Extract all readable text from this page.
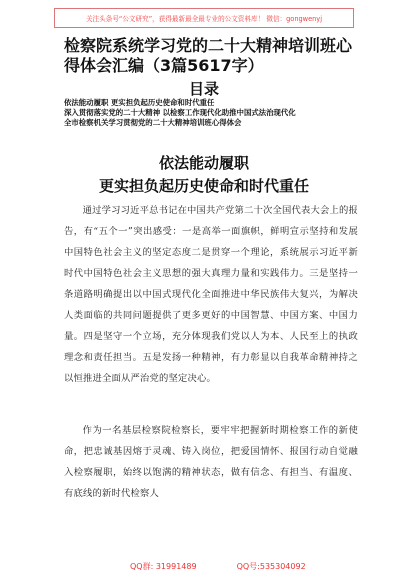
关注头条号“公文研究”，获得最新最全最专业的公文资料库！ 微信：gongwenyj
检察院系统学习党的二十大精神培训班心得体会汇编（3篇5617字）
目录
依法能动履职 更实担负起历史使命和时代重任
深入贯彻落实党的二十大精神 以检察工作现代化助推中国式法治现代化
全市检察机关学习贯彻党的二十大精神培训班心得体会
依法能动履职
更实担负起历史使命和时代重任

通过学习习近平总书记在中国共产党第二十次全国代表大会上的报告，有“五个一”突出感受：一是高举一面旗帜，鲜明宣示坚持和发展中国特色社会主义的坚定态度二是贯穿一个理论，系统展示习近平新时代中国特色社会主义思想的强大真理力量和实践伟力。三是坚持一条道路明确提出以中国式现代化全面推进中华民族伟大复兴，为解决人类面临的共同问题提供了更多更好的中国智慧、中国方案、中国力量。四是坚守一个立场，充分体现我们党以人为本、人民至上的执政理念和责任担当。五是发扬一种精神，有力彰显以自我革命精神持之以恒推进全面从严治党的坚定决心。

作为一名基层检察院检察长，要牢牢把握新时期检察工作的新使命，把忠诚基因熔于灵魂、铸入岗位，把爱国情怀、报国行动自觉融入检察履职，始终以饱满的精神状态，做有信念、有担当、有温度、有底线的新时代检察人

QQ群: 31991489	QQ号:535304092
